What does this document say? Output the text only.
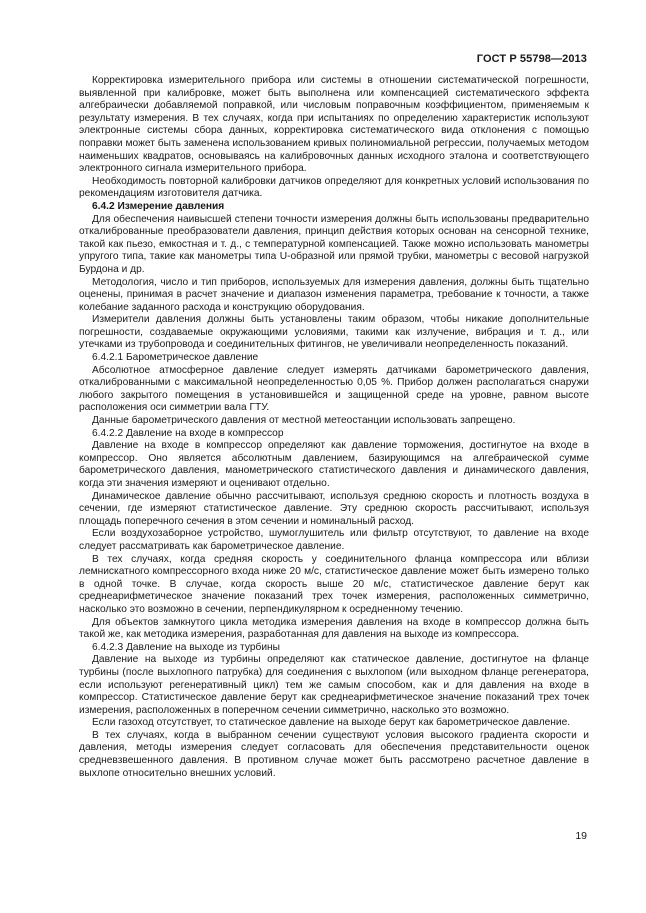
ГОСТ Р 55798—2013

Корректировка измерительного прибора или системы в отношении систематической погрешности, выявленной при калибровке, может быть выполнена или компенсацией систематического эффекта алгебраически добавляемой поправкой, или числовым поправочным коэффициентом, применяемым к результату измерения. В тех случаях, когда при испытаниях по определению характеристик используют электронные системы сбора данных, корректировка систематического вида отклонения с помощью поправки может быть заменена использованием кривых полиномиальной регрессии, получаемых методом наименьших квадратов, основываясь на калибровочных данных исходного эталона и соответствующего электронного сигнала измерительного прибора.

Необходимость повторной калибровки датчиков определяют для конкретных условий использования по рекомендациям изготовителя датчика.

6.4.2 Измерение давления

Для обеспечения наивысшей степени точности измерения должны быть использованы предварительно откалиброванные преобразователи давления, принцип действия которых основан на сенсорной технике, такой как пьезо, емкостная и т. д., с температурной компенсацией. Также можно использовать манометры упругого типа, такие как манометры типа U-образной или прямой трубки, манометры с весовой нагрузкой Бурдона и др.

Методология, число и тип приборов, используемых для измерения давления, должны быть тщательно оценены, принимая в расчет значение и диапазон изменения параметра, требование к точности, а также колебание заданного расхода и конструкцию оборудования.

Измерители давления должны быть установлены таким образом, чтобы никакие дополнительные погрешности, создаваемые окружающими условиями, такими как излучение, вибрация и т. д., или утечками из трубопровода и соединительных фитингов, не увеличивали неопределенность показаний.

6.4.2.1 Барометрическое давление

Абсолютное атмосферное давление следует измерять датчиками барометрического давления, откалиброванными с максимальной неопределенностью 0,05 %. Прибор должен располагаться снаружи любого закрытого помещения в установившейся и защищенной среде на уровне, равном высоте расположения оси симметрии вала ГТУ.

Данные барометрического давления от местной метеостанции использовать запрещено.

6.4.2.2 Давление на входе в компрессор

Давление на входе в компрессор определяют как давление торможения, достигнутое на входе в компрессор. Оно является абсолютным давлением, базирующимся на алгебраической сумме барометрического давления, манометрического статистического давления и динамического давления, когда эти значения измеряют и оценивают отдельно.

Динамическое давление обычно рассчитывают, используя среднюю скорость и плотность воздуха в сечении, где измеряют статистическое давление. Эту среднюю скорость рассчитывают, используя площадь поперечного сечения в этом сечении и номинальный расход.

Если воздухозаборное устройство, шумоглушитель или фильтр отсутствуют, то давление на входе следует рассматривать как барометрическое давление.

В тех случаях, когда средняя скорость у соединительного фланца компрессора или вблизи лемнискатного компрессорного входа ниже 20 м/с, статистическое давление может быть измерено только в одной точке. В случае, когда скорость выше 20 м/с, статистическое давление берут как среднеарифметическое значение показаний трех точек измерения, расположенных симметрично, насколько это возможно в сечении, перпендикулярном к осредненному течению.

Для объектов замкнутого цикла методика измерения давления на входе в компрессор должна быть такой же, как методика измерения, разработанная для давления на выходе из компрессора.

6.4.2.3 Давление на выходе из турбины

Давление на выходе из турбины определяют как статическое давление, достигнутое на фланце турбины (после выхлопного патрубка) для соединения с выхлопом (или выходном фланце регенератора, если используют регенеративный цикл) тем же самым способом, как и для давления на входе в компрессор. Статистическое давление берут как среднеарифметическое значение показаний трех точек измерения, расположенных в поперечном сечении симметрично, насколько это возможно.

Если газоход отсутствует, то статическое давление на выходе берут как барометрическое давление.

В тех случаях, когда в выбранном сечении существуют условия высокого градиента скорости и давления, методы измерения следует согласовать для обеспечения представительности оценок средневзвешенного давления. В противном случае может быть рассмотрено расчетное давление в выхлопе относительно внешних условий.

19
